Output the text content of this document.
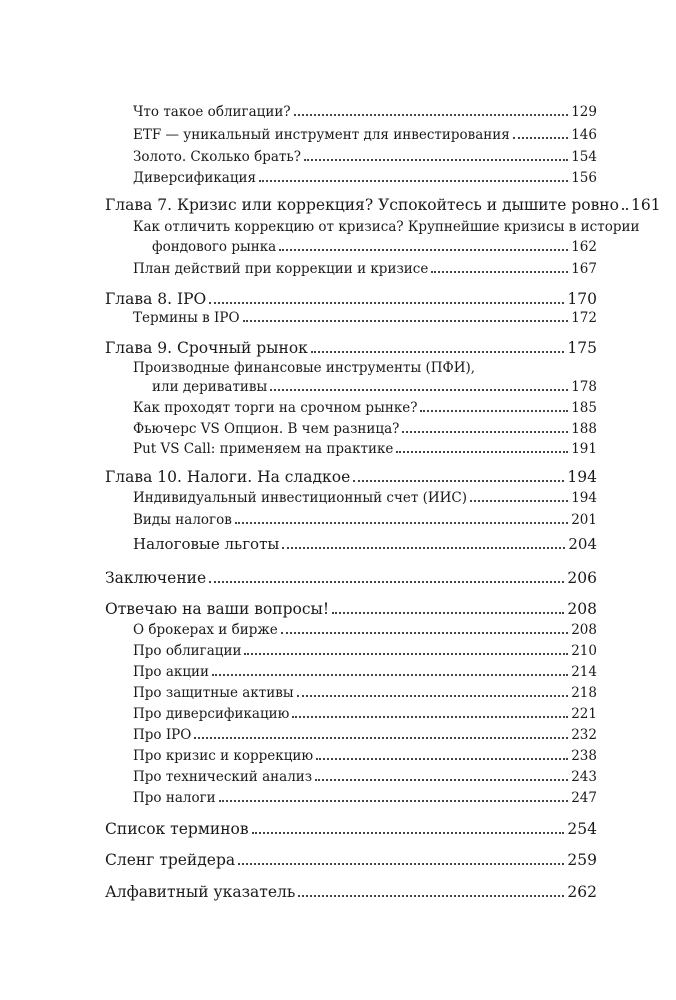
Что такое облигации?	129
ETF — уникальный инструмент для инвестирования	146
Золото. Сколько брать?	154
Диверсификация	156
Глава 7. Кризис или коррекция? Успокойтесь и дышите ровно 161
Как отличить коррекцию от кризиса? Крупнейшие кризисы в истории
фондового рынка	162
План действий при коррекции и кризисе	167
Глава 8. IPO	170
Термины в IPO	172
Глава 9. Срочный рынок	175
Производные финансовые инструменты (ПФИ),
или деривативы	178
Как проходят торги на срочном рынке?	185
Фьючерс VS Опцион. В чем разница?	188
Put VS Call: применяем на практике	191
Глава 10. Налоги. На сладкое	194
Индивидуальный инвестиционный счет (ИИС)	194
Виды налогов	201
Налоговые льготы	204
Заключение	206
Отвечаю на ваши вопросы!	208
О брокерах и бирже	208
Про облигации	210
Про акции	214
Про защитные активы	218
Про диверсификацию	221
Про IPO	232
Про кризис и коррекцию	238
Про технический анализ	243
Про налоги	247
Список терминов	254
Сленг трейдера	259
Алфавитный указатель	262
